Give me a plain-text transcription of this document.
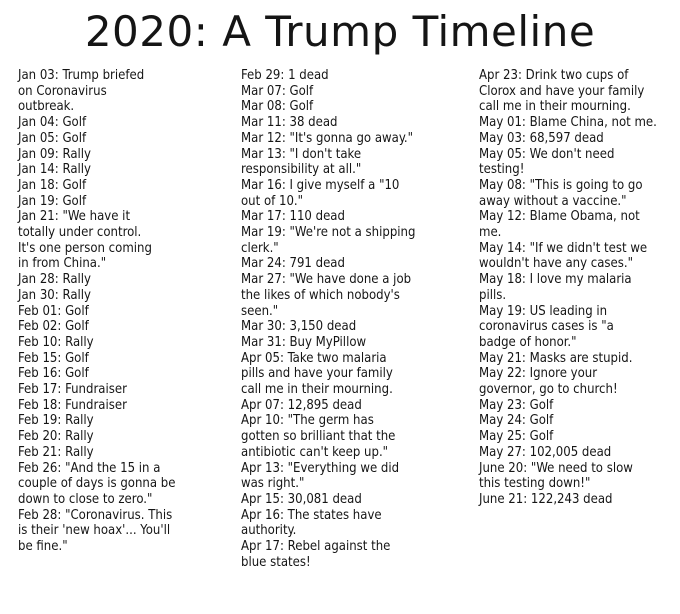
2020: A Trump Timeline
Jan 03: Trump briefed
on Coronavirus
outbreak.
Jan 04: Golf
Jan 05: Golf
Jan 09: Rally
Jan 14: Rally
Jan 18: Golf
Jan 19: Golf
Jan 21: "We have it
totally under control.
It's one person coming
in from China."
Jan 28: Rally
Jan 30: Rally
Feb 01: Golf
Feb 02: Golf
Feb 10: Rally
Feb 15: Golf
Feb 16: Golf
Feb 17: Fundraiser
Feb 18: Fundraiser
Feb 19: Rally
Feb 20: Rally
Feb 21: Rally
Feb 26: "And the 15 in a
couple of days is gonna be
down to close to zero."
Feb 28: "Coronavirus. This
is their 'new hoax'... You'll
be fine."
Feb 29: 1 dead
Mar 07: Golf
Mar 08: Golf
Mar 11: 38 dead
Mar 12: "It's gonna go away."
Mar 13: "I don't take
responsibility at all."
Mar 16: I give myself a "10
out of 10."
Mar 17: 110 dead
Mar 19: "We're not a shipping
clerk."
Mar 24: 791 dead
Mar 27: "We have done a job
the likes of which nobody's
seen."
Mar 30: 3,150 dead
Mar 31: Buy MyPillow
Apr 05: Take two malaria
pills and have your family
call me in their mourning.
Apr 07: 12,895 dead
Apr 10: "The germ has
gotten so brilliant that the
antibiotic can't keep up."
Apr 13: "Everything we did
was right."
Apr 15: 30,081 dead
Apr 16: The states have
authority.
Apr 17: Rebel against the
blue states!
Apr 23: Drink two cups of
Clorox and have your family
call me in their mourning.
May 01: Blame China, not me.
May 03: 68,597 dead
May 05: We don't need
testing!
May 08: "This is going to go
away without a vaccine."
May 12: Blame Obama, not
me.
May 14: "If we didn't test we
wouldn't have any cases."
May 18: I love my malaria
pills.
May 19: US leading in
coronavirus cases is "a
badge of honor."
May 21: Masks are stupid.
May 22: Ignore your
governor, go to church!
May 23: Golf
May 24: Golf
May 25: Golf
May 27: 102,005 dead
June 20: "We need to slow
this testing down!"
June 21: 122,243 dead
